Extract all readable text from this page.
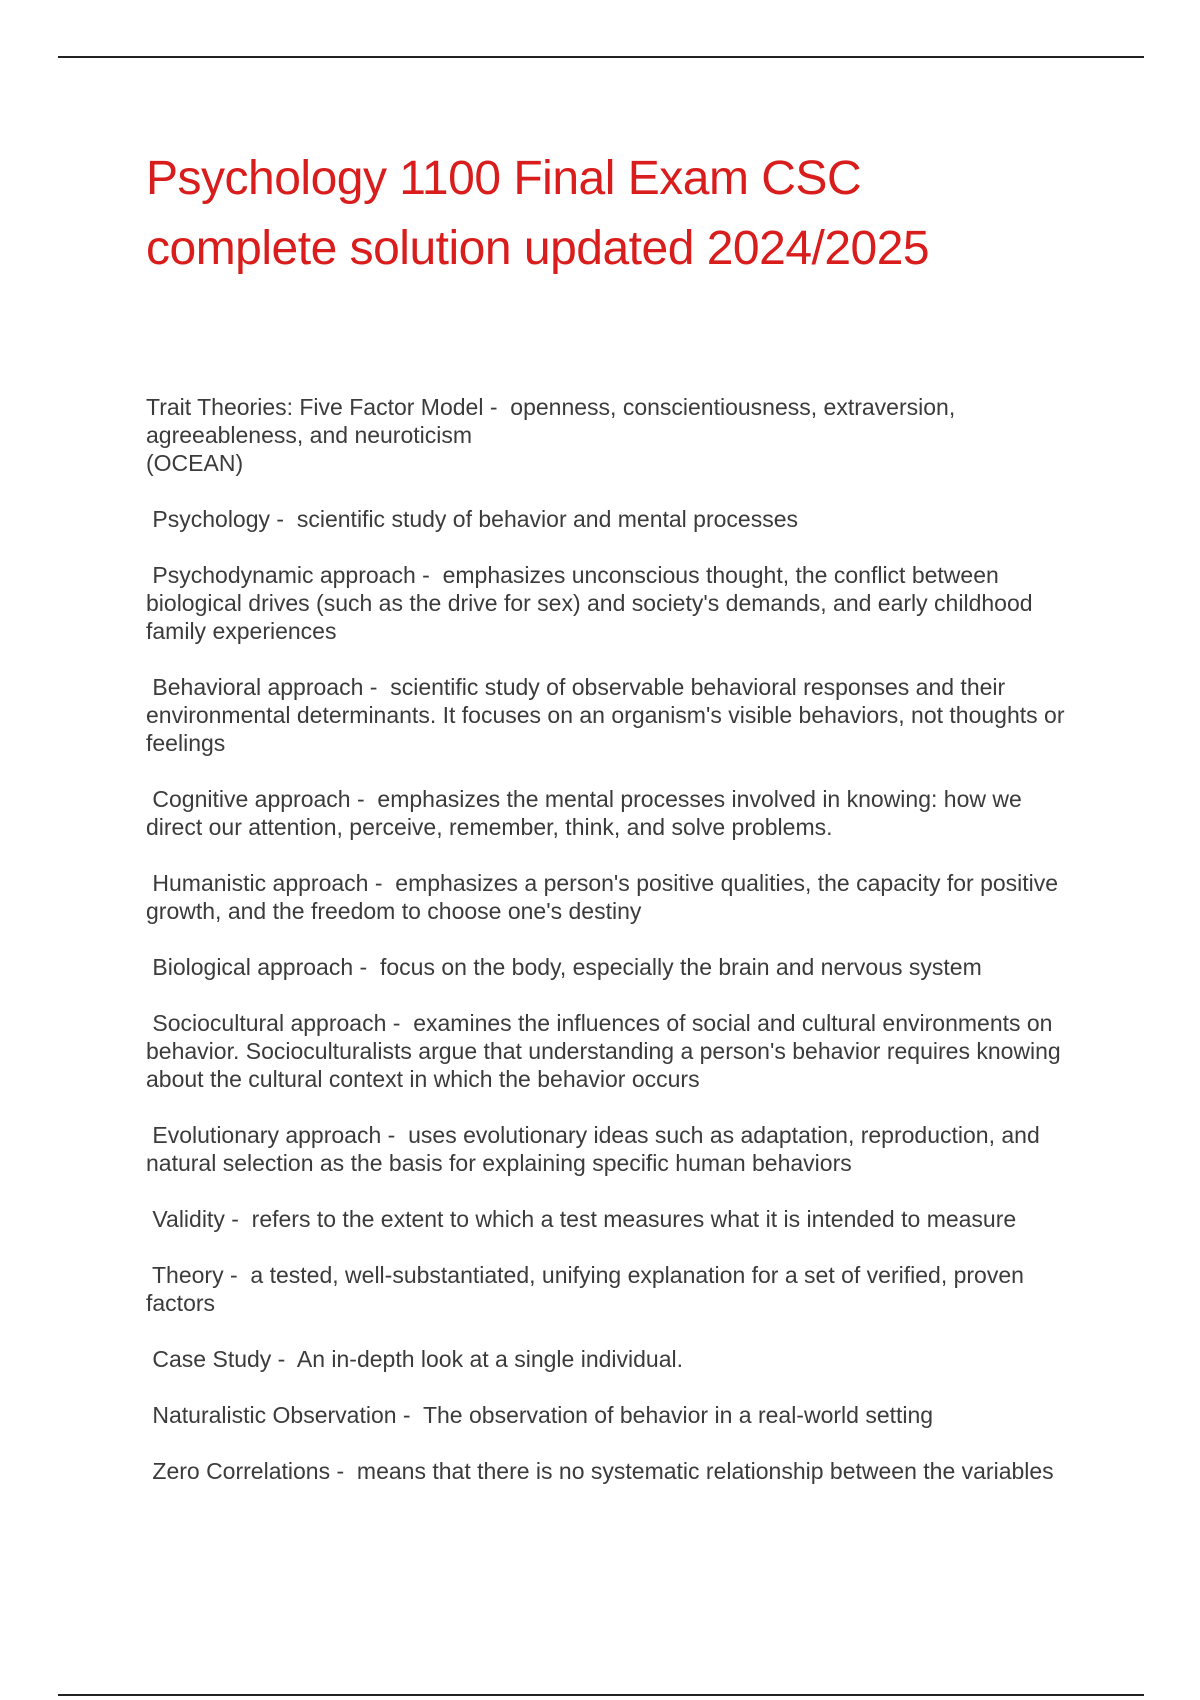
Psychology 1100 Final Exam CSC
complete solution updated 2024/2025

Trait Theories: Five Factor Model -  openness, conscientiousness, extraversion, agreeableness, and neuroticism
(OCEAN)

Psychology -  scientific study of behavior and mental processes

Psychodynamic approach -  emphasizes unconscious thought, the conflict between biological drives (such as the drive for sex) and society's demands, and early childhood family experiences

Behavioral approach -  scientific study of observable behavioral responses and their environmental determinants. It focuses on an organism's visible behaviors, not thoughts or feelings

Cognitive approach -  emphasizes the mental processes involved in knowing: how we direct our attention, perceive, remember, think, and solve problems.

Humanistic approach -  emphasizes a person's positive qualities, the capacity for positive growth, and the freedom to choose one's destiny

Biological approach -  focus on the body, especially the brain and nervous system

Sociocultural approach -  examines the influences of social and cultural environments on behavior. Socioculturalists argue that understanding a person's behavior requires knowing about the cultural context in which the behavior occurs

Evolutionary approach -  uses evolutionary ideas such as adaptation, reproduction, and natural selection as the basis for explaining specific human behaviors

Validity -  refers to the extent to which a test measures what it is intended to measure

Theory -  a tested, well-substantiated, unifying explanation for a set of verified, proven factors

Case Study -  An in-depth look at a single individual.

Naturalistic Observation -  The observation of behavior in a real-world setting

Zero Correlations -  means that there is no systematic relationship between the variables
